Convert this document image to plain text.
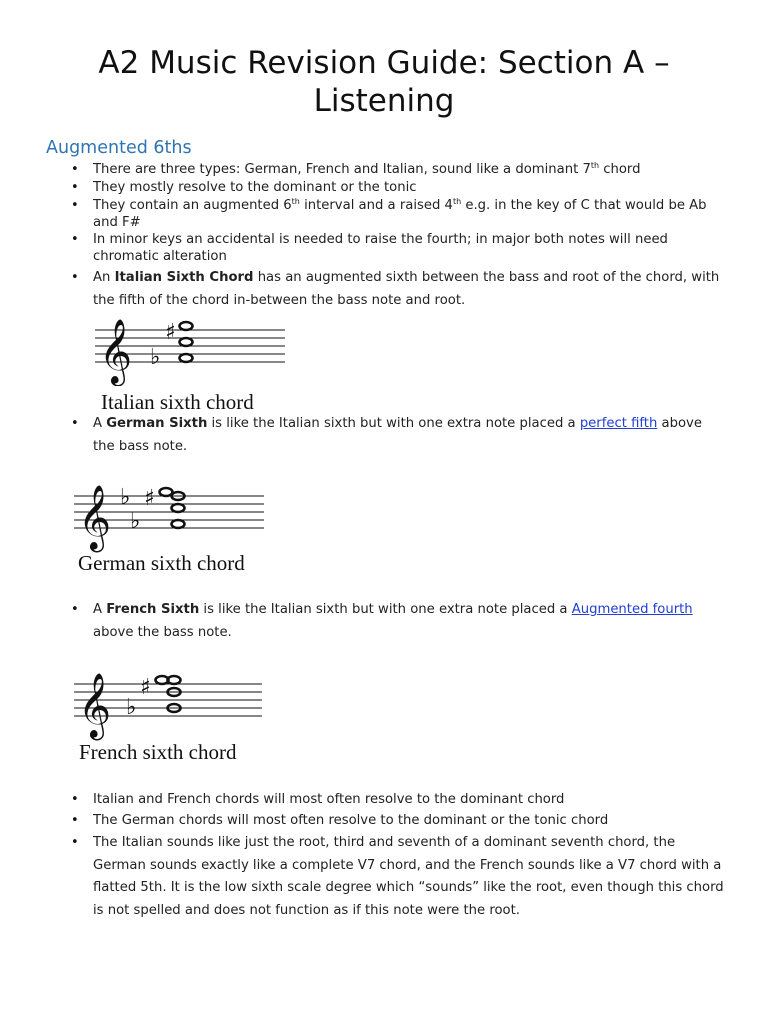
A2 Music Revision Guide: Section A – Listening
Augmented 6ths
• There are three types: German, French and Italian, sound like a dominant 7th chord
• They mostly resolve to the dominant or the tonic
• They contain an augmented 6th interval and a raised 4th e.g. in the key of C that would be Ab and F#
• In minor keys an accidental is needed to raise the fourth; in major both notes will need chromatic alteration
• An Italian Sixth Chord has an augmented sixth between the bass and root of the chord, with the fifth of the chord in-between the bass note and root.
𝄞 ♭
♯
Italian sixth chord
• A German Sixth is like the Italian sixth but with one extra note placed a perfect fifth above the bass note.
𝄞 ♭
♭
♯
German sixth chord
• A French Sixth is like the Italian sixth but with one extra note placed a Augmented fourth above the bass note.
𝄞 ♭
♯
French sixth chord
• Italian and French chords will most often resolve to the dominant chord
• The German chords will most often resolve to the dominant or the tonic chord
• The Italian sounds like just the root, third and seventh of a dominant seventh chord, the German sounds exactly like a complete V7 chord, and the French sounds like a V7 chord with a flatted 5th. It is the low sixth scale degree which “sounds” like the root, even though this chord is not spelled and does not function as if this note were the root.
